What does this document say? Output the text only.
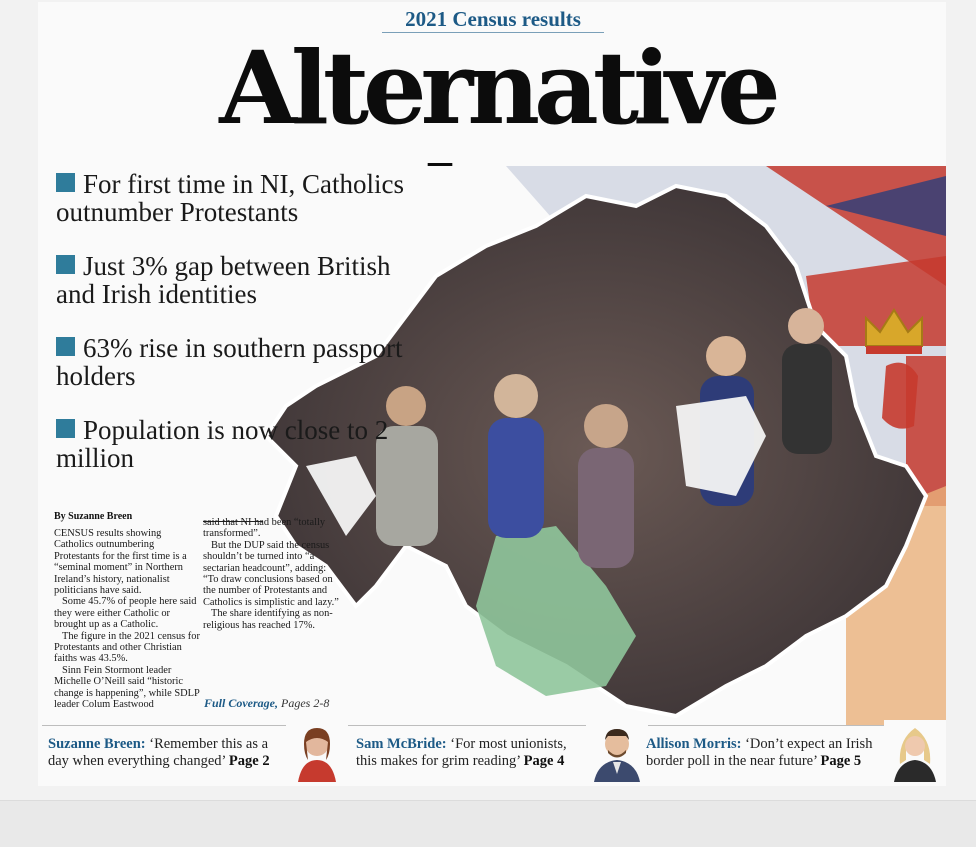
2021 Census results
Alternative
For first time in NI, Catholics outnumber Protestants
Just 3% gap between British and Irish identities
63% rise in southern passport holders
Population is now close to 2 million
By Suzanne Breen

CENSUS results showing Catholics outnumbering Protestants for the first time is a “seminal moment” in Northern Ireland’s history, nationalist politicians have said.

Some 45.7% of people here said they were either Catholic or brought up as a Catholic.

The figure in the 2021 census for Protestants and other Christian faiths was 43.5%.

Sinn Fein Stormont leader Michelle O’Neill said “historic change is happening”, while SDLP leader Colum Eastwood

said that NI had been “totally transformed”.

But the DUP said the census shouldn’t be turned into “a sectarian headcount”, adding: “To draw conclusions based on the number of Protestants and Catholics is simplistic and lazy.”

The share identifying as non-religious has reached 17%.

Full Coverage, Pages 2-8
Suzanne Breen: ‘Remember this as a day when everything changed’ Page 2
Sam McBride: ‘For most unionists, this makes for grim reading’ Page 4
Allison Morris: ‘Don’t expect an Irish border poll in the near future’ Page 5
